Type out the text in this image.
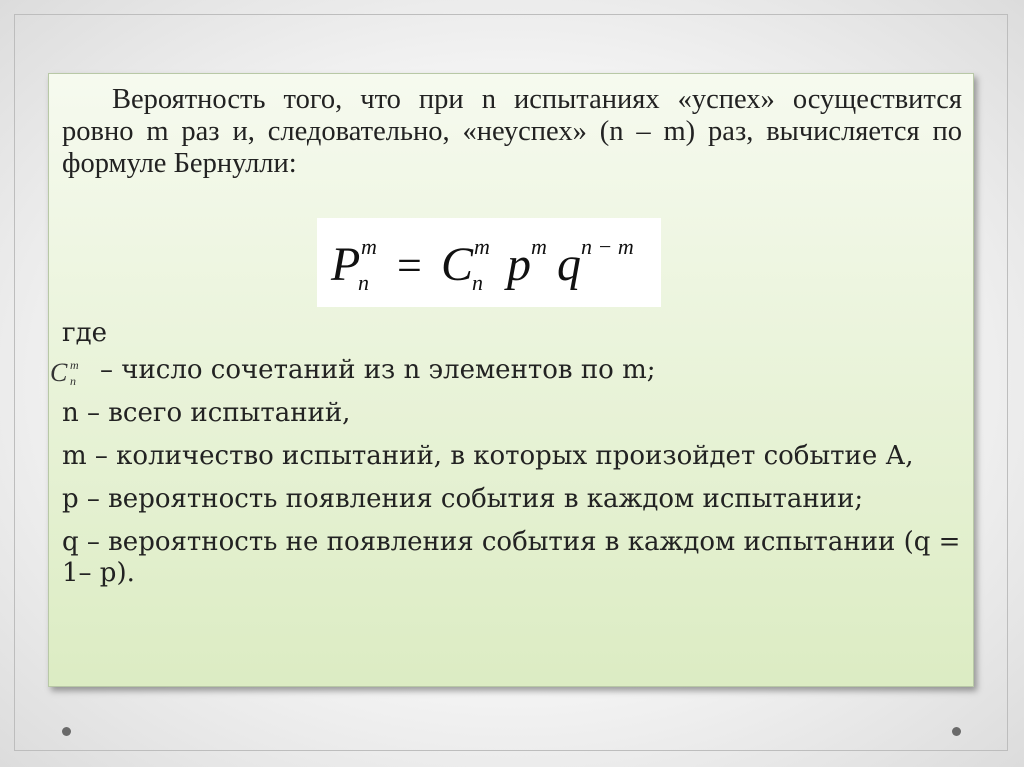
Вероятность того, что при n испытаниях «успех» осуществится ровно m раз и, следовательно, «неуспех» (n – m) раз, вычисляется по формуле Бернулли:

P m
n = C m
n p m q n − m
где
C m
n – число сочетаний из n элементов по m;
n – всего испытаний,
m – количество испытаний, в которых произойдет событие А,
p – вероятность появления события в каждом испытании;
q – вероятность не появления события в каждом испытании (q = 1– p).
